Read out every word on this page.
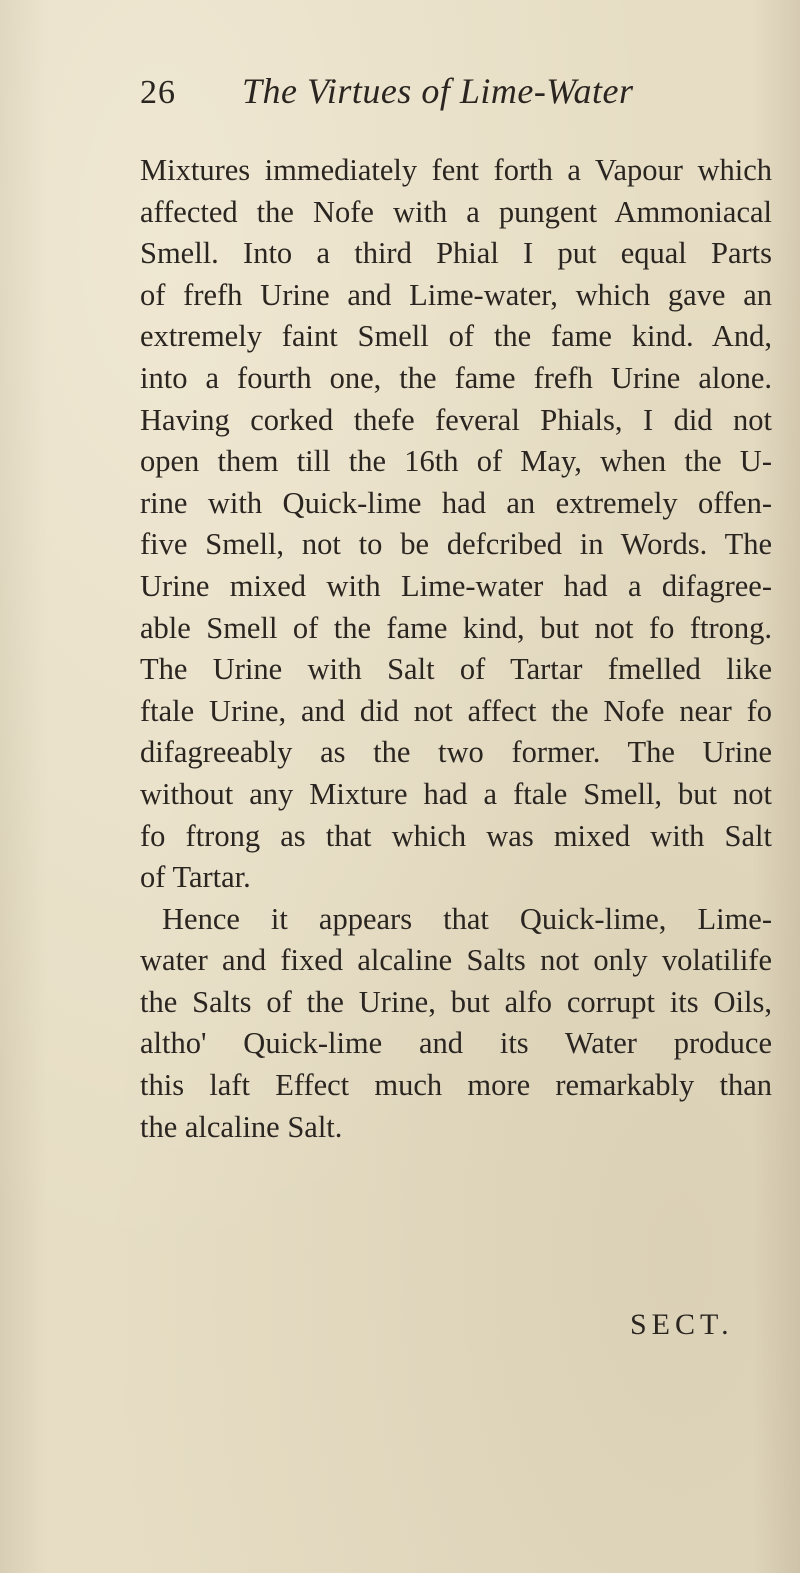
26 The Virtues of Lime-Water
Mixtures immediately fent forth a Vapour which
affected the Nofe with a pungent Ammoniacal
Smell. Into a third Phial I put equal Parts
of frefh Urine and Lime-water, which gave an
extremely faint Smell of the fame kind. And,
into a fourth one, the fame frefh Urine alone.
Having corked thefe feveral Phials, I did not
open them till the 16th of May, when the U-
rine with Quick-lime had an extremely offen-
five Smell, not to be defcribed in Words. The
Urine mixed with Lime-water had a difagree-
able Smell of the fame kind, but not fo ftrong.
The Urine with Salt of Tartar fmelled like
ftale Urine, and did not affect the Nofe near fo
difagreeably as the two former. The Urine
without any Mixture had a ftale Smell, but not
fo ftrong as that which was mixed with Salt
of Tartar.
Hence it appears that Quick-lime, Lime-
water and fixed alcaline Salts not only volatilife
the Salts of the Urine, but alfo corrupt its Oils,
altho' Quick-lime and its Water produce
this laft Effect much more remarkably than
the alcaline Salt.
SECT.
